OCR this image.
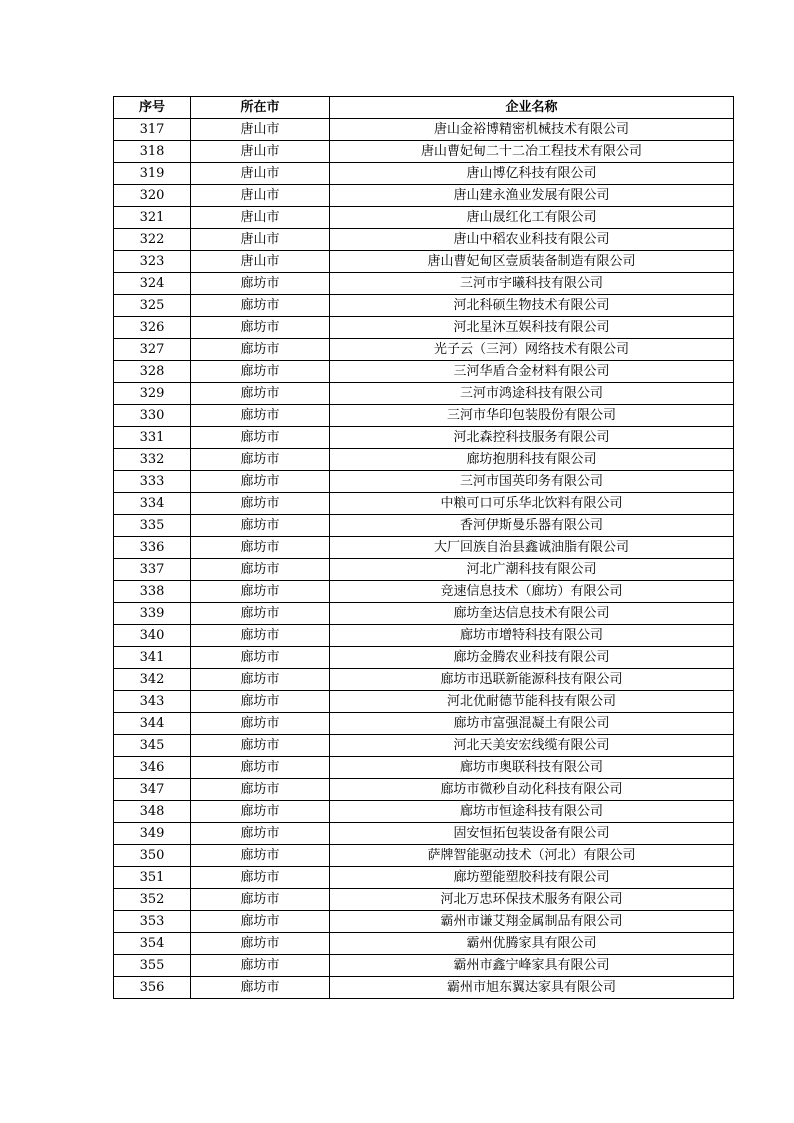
序号	所在市	企业名称
317	唐山市	唐山金裕博精密机械技术有限公司
318	唐山市	唐山曹妃甸二十二冶工程技术有限公司
319	唐山市	唐山博亿科技有限公司
320	唐山市	唐山建永渔业发展有限公司
321	唐山市	唐山晟红化工有限公司
322	唐山市	唐山中稻农业科技有限公司
323	唐山市	唐山曹妃甸区壹质装备制造有限公司
324	廊坊市	三河市宇曦科技有限公司
325	廊坊市	河北科硕生物技术有限公司
326	廊坊市	河北星沐互娱科技有限公司
327	廊坊市	光子云（三河）网络技术有限公司
328	廊坊市	三河华盾合金材料有限公司
329	廊坊市	三河市鸿途科技有限公司
330	廊坊市	三河市华印包装股份有限公司
331	廊坊市	河北森控科技服务有限公司
332	廊坊市	廊坊抱朋科技有限公司
333	廊坊市	三河市国英印务有限公司
334	廊坊市	中粮可口可乐华北饮料有限公司
335	廊坊市	香河伊斯曼乐器有限公司
336	廊坊市	大厂回族自治县鑫诚油脂有限公司
337	廊坊市	河北广潮科技有限公司
338	廊坊市	竞速信息技术（廊坊）有限公司
339	廊坊市	廊坊奎达信息技术有限公司
340	廊坊市	廊坊市增特科技有限公司
341	廊坊市	廊坊金腾农业科技有限公司
342	廊坊市	廊坊市迅联新能源科技有限公司
343	廊坊市	河北优耐德节能科技有限公司
344	廊坊市	廊坊市富强混凝土有限公司
345	廊坊市	河北天美安宏线缆有限公司
346	廊坊市	廊坊市奥联科技有限公司
347	廊坊市	廊坊市微秒自动化科技有限公司
348	廊坊市	廊坊市恒途科技有限公司
349	廊坊市	固安恒拓包装设备有限公司
350	廊坊市	萨牌智能驱动技术（河北）有限公司
351	廊坊市	廊坊塑能塑胶科技有限公司
352	廊坊市	河北万忠环保技术服务有限公司
353	廊坊市	霸州市谦艾翔金属制品有限公司
354	廊坊市	霸州优腾家具有限公司
355	廊坊市	霸州市鑫宁峰家具有限公司
356	廊坊市	霸州市旭东翼达家具有限公司
